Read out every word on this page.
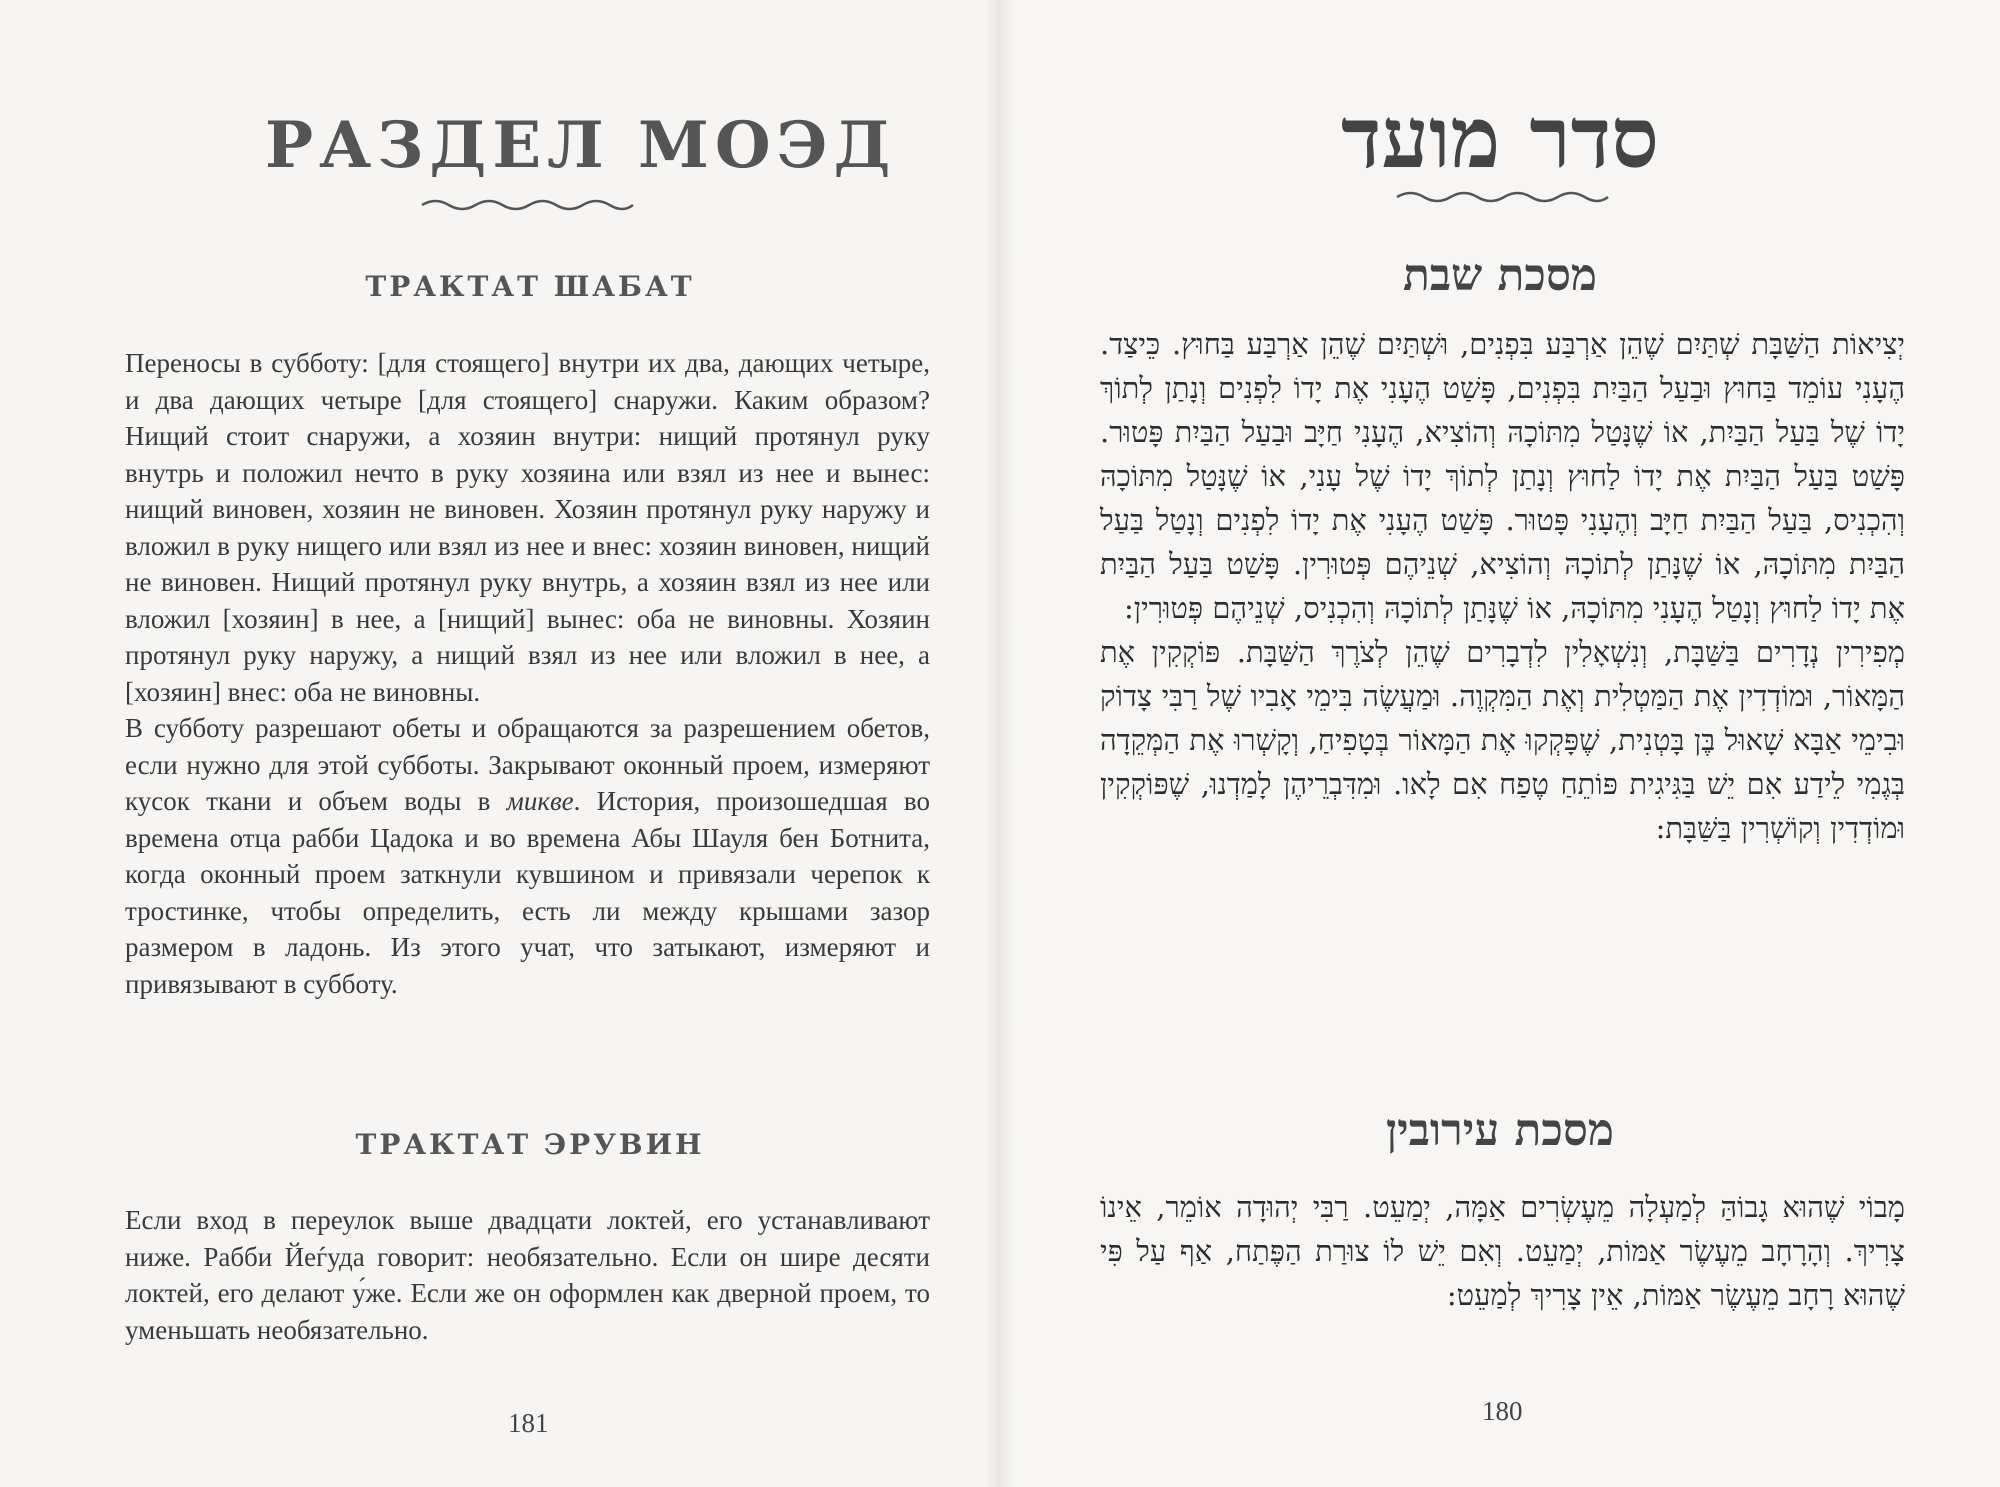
РАЗДЕЛ МОЭД
ТРАКТАТ ШАБАТ

Переносы в субботу: [для стоящего] внутри их два, дающих четыре, и два дающих четыре [для стоящего] снаружи. Каким образом? Нищий стоит снаружи, а хозяин внутри: нищий протянул руку внутрь и положил нечто в руку хозяина или взял из нее и вынес: нищий виновен, хозяин не виновен. Хозяин протянул руку наружу и вложил в руку нищего или взял из нее и внес: хозяин виновен, нищий не виновен. Нищий протянул руку внутрь, а хозяин взял из нее или вложил [хозяин] в нее, а [нищий] вынес: оба не виновны. Хозяин протянул руку наружу, а нищий взял из нее или вложил в нее, а [хозяин] внес: оба не виновны.

В субботу разрешают обеты и обращаются за разрешением обетов, если нужно для этой субботы. Закрывают оконный проем, измеряют кусок ткани и объем воды в микве. История, произошедшая во времена отца рабби Цадока и во времена Абы Шауля бен Ботнита, когда оконный проем заткнули кувшином и привязали черепок к тростинке, чтобы определить, есть ли между крышами зазор размером в ладонь. Из этого учат, что затыкают, измеряют и привязывают в субботу.

ТРАКТАТ ЭРУВИН

Если вход в переулок выше двадцати локтей, его устанавливают ниже. Рабби Йеѓуда говорит: необязательно. Если он шире десяти локтей, его делают у́же. Если же он оформлен как дверной проем, то уменьшать необязательно.

181
סדר מועד
מסכת שבת

יְצִיאוֹת הַשַּׁבָּת שְׁתַּיִם שֶׁהֵן אַרְבַּע בִּפְנִים, וּשְׁתַּיִם שֶׁהֵן אַרְבַּע בַּחוּץ. כֵּיצַד. הֶעָנִי עוֹמֵד בַּחוּץ וּבַעַל הַבַּיִת בִּפְנִים, פָּשַׁט הֶעָנִי אֶת יָדוֹ לִפְנִים וְנָתַן לְתוֹךְ יָדוֹ שֶׁל בַּעַל הַבַּיִת, אוֹ שֶׁנָּטַל מִתּוֹכָהּ וְהוֹצִיא, הֶעָנִי חַיָּב וּבַעַל הַבַּיִת פָּטוּר. פָּשַׁט בַּעַל הַבַּיִת אֶת יָדוֹ לַחוּץ וְנָתַן לְתוֹךְ יָדוֹ שֶׁל עָנִי, אוֹ שֶׁנָּטַל מִתּוֹכָהּ וְהִכְנִיס, בַּעַל הַבַּיִת חַיָּב וְהֶעָנִי פָּטוּר. פָּשַׁט הֶעָנִי אֶת יָדוֹ לִפְנִים וְנָטַל בַּעַל הַבַּיִת מִתּוֹכָהּ, אוֹ שֶׁנָּתַן לְתוֹכָהּ וְהוֹצִיא, שְׁנֵיהֶם פְּטוּרִין. פָּשַׁט בַּעַל הַבַּיִת אֶת יָדוֹ לַחוּץ וְנָטַל הֶעָנִי מִתּוֹכָהּ, אוֹ שֶׁנָּתַן לְתוֹכָהּ וְהִכְנִיס, שְׁנֵיהֶם פְּטוּרִין:

מְפִירִין נְדָרִים בַּשַּׁבָּת, וְנִשְׁאָלִין לִדְבָרִים שֶׁהֵן לְצֹרֶךְ הַשַּׁבָּת. פּוֹקְקִין אֶת הַמָּאוֹר, וּמוֹדְדִין אֶת הַמַּטְלִית וְאֶת הַמִּקְוֶה. וּמַעֲשֶׂה בִּימֵי אָבִיו שֶׁל רַבִּי צָדוֹק וּבִימֵי אַבָּא שָׁאוּל בֶּן בָּטְנִית, שֶׁפָּקְקוּ אֶת הַמָּאוֹר בְּטָפִיחַ, וְקָשְׁרוּ אֶת הַמְּקֵדָה בְּגֶמִי לֵידַע אִם יֵשׁ בַּגִּיגִית פּוֹתֵחַ טֶפַח אִם לָאו. וּמִדִּבְרֵיהֶן לָמַדְנוּ, שֶׁפּוֹקְקִין וּמוֹדְדִין וְקוֹשְׁרִין בַּשַּׁבָּת:

מסכת עירובין

מָבוֹי שֶׁהוּא גָבוֹהַּ לְמַעְלָה מֵעֶשְׂרִים אַמָּה, יְמַעֵט. רַבִּי יְהוּדָה אוֹמֵר, אֵינוֹ צָרִיךְ. וְהָרָחָב מֵעֶשֶׂר אַמּוֹת, יְמַעֵט. וְאִם יֵשׁ לוֹ צוּרַת הַפֶּתַח, אַף עַל פִּי שֶׁהוּא רָחָב מֵעֶשֶׂר אַמּוֹת, אֵין צָרִיךְ לְמַעֵט:

180
